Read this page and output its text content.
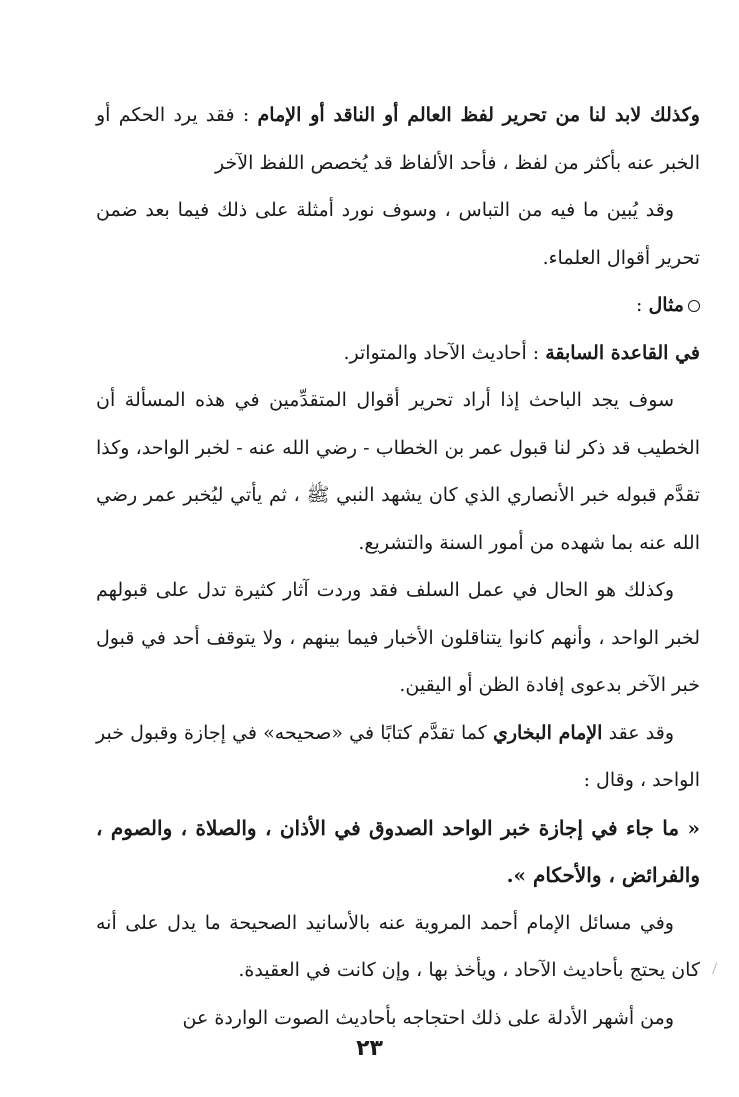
وكذلك لابد لنا من تحرير لفظ العالم أو الناقد أو الإمام : فقد يرد الحكم أو الخبر عنه بأكثر من لفظ ، فأحد الألفاظ قد يُخصص اللفظ الآخر

وقد يُبين ما فيه من التباس ، وسوف نورد أمثلة على ذلك فيما بعد ضمن تحرير أقوال العلماء.

مثال :

في القاعدة السابقة : أحاديث الآحاد والمتواتر.

سوف يجد الباحث إذا أراد تحرير أقوال المتقدِّمين في هذه المسألة أن الخطيب قد ذكر لنا قبول عمر بن الخطاب - رضي الله عنه - لخبر الواحد، وكذا تقدَّم قبوله خبر الأنصاري الذي كان يشهد النبي ﷺ ، ثم يأتي ليُخبر عمر رضي الله عنه بما شهده من أمور السنة والتشريع.

وكذلك هو الحال في عمل السلف فقد وردت آثار كثيرة تدل على قبولهم لخبر الواحد ، وأنهم كانوا يتناقلون الأخبار فيما بينهم ، ولا يتوقف أحد في قبول خبر الآخر بدعوى إفادة الظن أو اليقين.

وقد عقد الإمام البخاري كما تقدَّم كتابًا في «صحيحه» في إجازة وقبول خبر الواحد ، وقال :

« ما جاء في إجازة خبر الواحد الصدوق في الأذان ، والصلاة ، والصوم ، والفرائض ، والأحكام ».

وفي مسائل الإمام أحمد المروية عنه بالأسانيد الصحيحة ما يدل على أنه كان يحتج بأحاديث الآحاد ، ويأخذ بها ، وإن كانت في العقيدة.

ومن أشهر الأدلة على ذلك احتجاجه بأحاديث الصوت الواردة عن

٢٣
